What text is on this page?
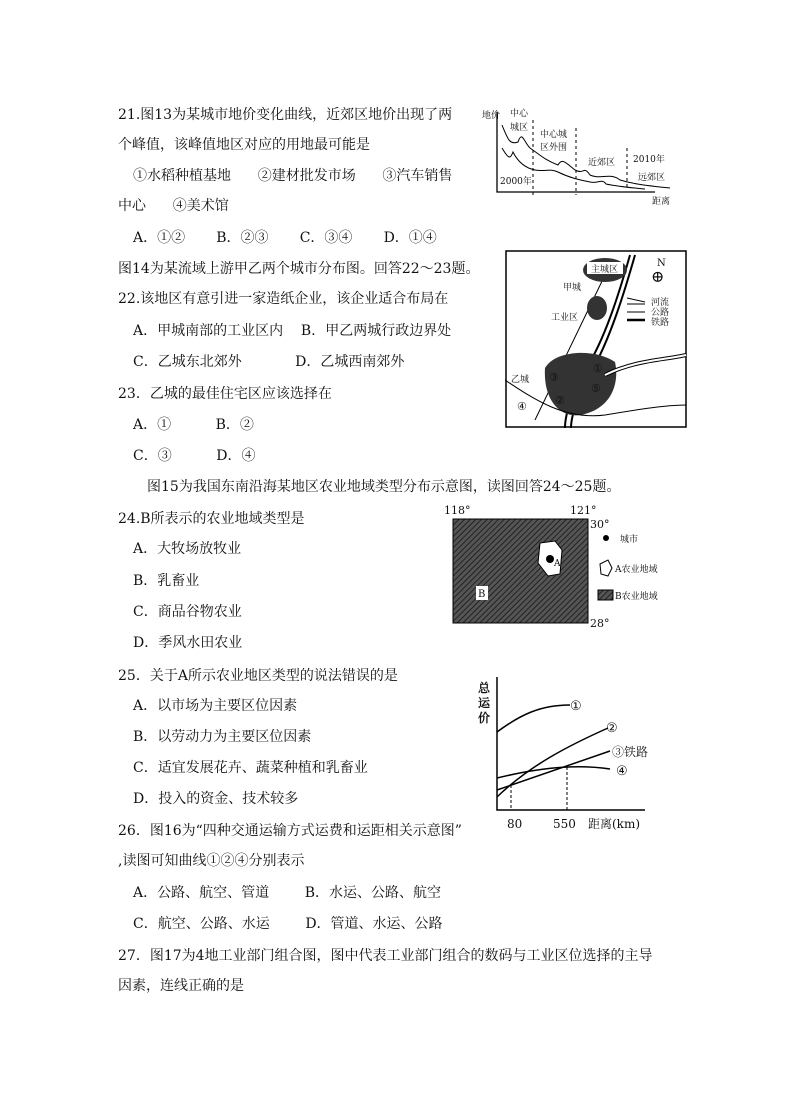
21.图13为某城市地价变化曲线，近郊区地价出现了两
个峰值，该峰值地区对应的用地最可能是
①水稻种植基地      ②建材批发市场      ③汽车销售
中心      ④美术馆
A．①②       B．②③       C．③④       D．①④
图14为某流域上游甲乙两个城市分布图。回答22～23题。
22.该地区有意引进一家造纸企业，该企业适合布局在
A．甲城南部的工业区内    B．甲乙两城行政边界处
C．乙城东北郊外            D．乙城西南郊外
23．乙城的最佳住宅区应该选择在
A．①          B．②
C．③          D．④
图15为我国东南沿海某地区农业地域类型分布示意图，读图回答24～25题。
24.B所表示的农业地域类型是
A．大牧场放牧业
B．乳畜业
C．商品谷物农业
D．季风水田农业
25．关于A所示农业地区类型的说法错误的是
A．以市场为主要区位因素
B．以劳动力为主要区位因素
C．适宜发展花卉、蔬菜种植和乳畜业
D．投入的资金、技术较多
26．图16为“四种交通运输方式运费和运距相关示意图”
,读图可知曲线①②④分别表示
A．公路、航空、管道        B．水运、公路、航空
C．航空、公路、水运        D．管道、水运、公路
27．图17为4地工业部门组合图，图中代表工业部门组合的数码与工业区位选择的主导
因素，连线正确的是
地价 中心
城区
中心城
区外围
近郊区
远郊区
2000年
2010年
距离
主城区
甲城
工业区
乙城
N
⊕
河流
公路
铁路
①
②
③
④
⑤
A
B
118°	121°
30°
28°
城市
A农业地域
B农业地域
总
运
价
①
②
③铁路
④
80	550 距离(km)
